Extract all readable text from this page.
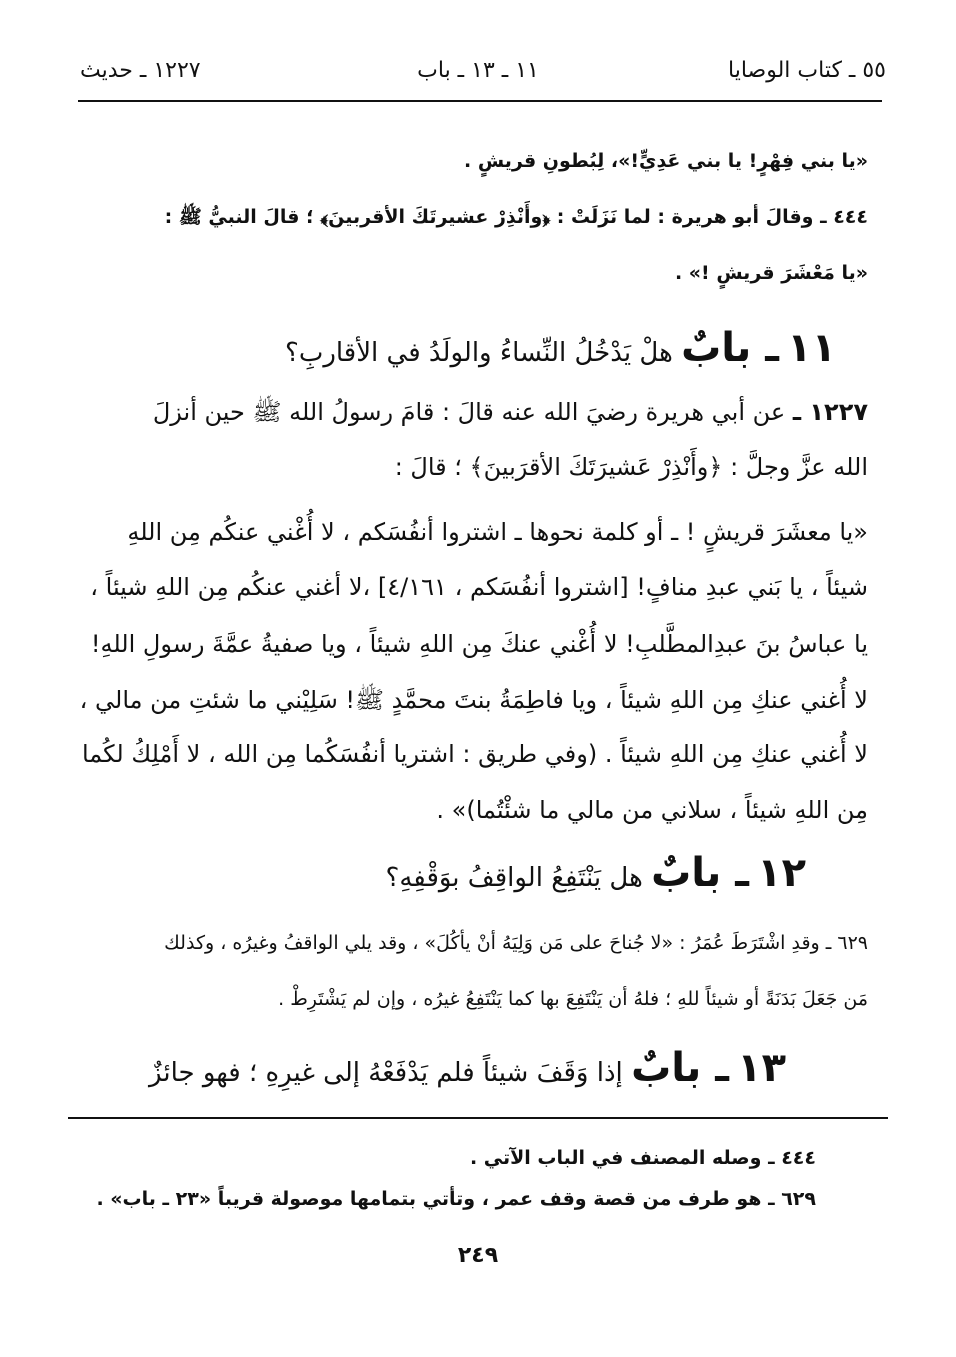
٥٥ ـ كتاب الوصايا
١١ ـ ١٣ ـ باب
١٢٢٧ ـ حديث
«يا بني فِهْرٍ! يا بني عَدِيٍّ!»، لِبُطونِ قريشٍ .
٤٤٤ ـ وقالَ أبو هريرة : لما نَزَلَتْ : ﴿وأَنْذِرْ عشيرتَكَ الأقربينَ﴾ ؛ قالَ النبيُّ ﷺ :
«يا مَعْشَرَ قريشٍ !» .
١١ ـ بابٌ هلْ يَدْخُلُ النِّساءُ والولَدُ في الأقاربِ؟
١٢٢٧ ـ عن أبي هريرة رضيَ الله عنه قالَ : قامَ رسولُ الله ﷺ حين أنزلَ
الله عزَّ وجلَّ : ﴿وأَنْذِرْ عَشيرَتَكَ الأقرَبينَ﴾ ؛ قالَ :
«يا معشَرَ قريشٍ ! ـ أو كلمة نحوها ـ اشتروا أنفُسَكم ، لا أُغْني عنكُم مِن اللهِ
شيئاً ، يا بَني عبدِ منافٍ! [اشتروا أنفُسَكم ، ٤/١٦١] ،لا أغني عنكُم مِن اللهِ شيئاً ،
يا عباسُ بنَ عبدِالمطَّلبِ! لا أُغْني عنكَ مِن اللهِ شيئاً ، ويا صفيةُ عمَّةَ رسولِ اللهِ!
لا أُغني عنكِ مِن اللهِ شيئاً ، ويا فاطِمَةُ بنتَ محمَّدٍ ﷺ! سَلِيْني ما شئتِ من مالي ،
لا أُغني عنكِ مِن اللهِ شيئاً . (وفي طريق : اشتريا أنفُسَكُما مِن الله ، لا أَمْلِكُ لكُما
مِن اللهِ شيئاً ، سلاني من مالي ما شئْتُما)» .
١٢ ـ بابٌ هل يَنْتَفِعُ الواقِفُ بوَقْفِهِ؟
٦٢٩ ـ وقدِ اشْتَرَطَ عُمَرُ : «لا جُناحَ على مَن وَلِيَهُ أنْ يأكُلَ» ، وقد يلي الواقفُ وغيرُه ، وكذلك
مَن جَعَلَ بَدَنَةً أو شيئاً للهِ ؛ فلهُ أن يَنْتَفِعَ بها كما يَنْتَفِعُ غيرُه ، وإن لم يَشْتَرِطْ .
١٣ ـ بابٌ إذا وَقَفَ شيئاً فلم يَدْفَعْهُ إلى غيرِهِ ؛ فهو جائزٌ
٤٤٤ ـ وصله المصنف في الباب الآتي .
٦٢٩ ـ هو طرف من قصة وقف عمر ، وتأتي بتمامها موصولة قريباً «٢٣ ـ باب» .
٢٤٩
